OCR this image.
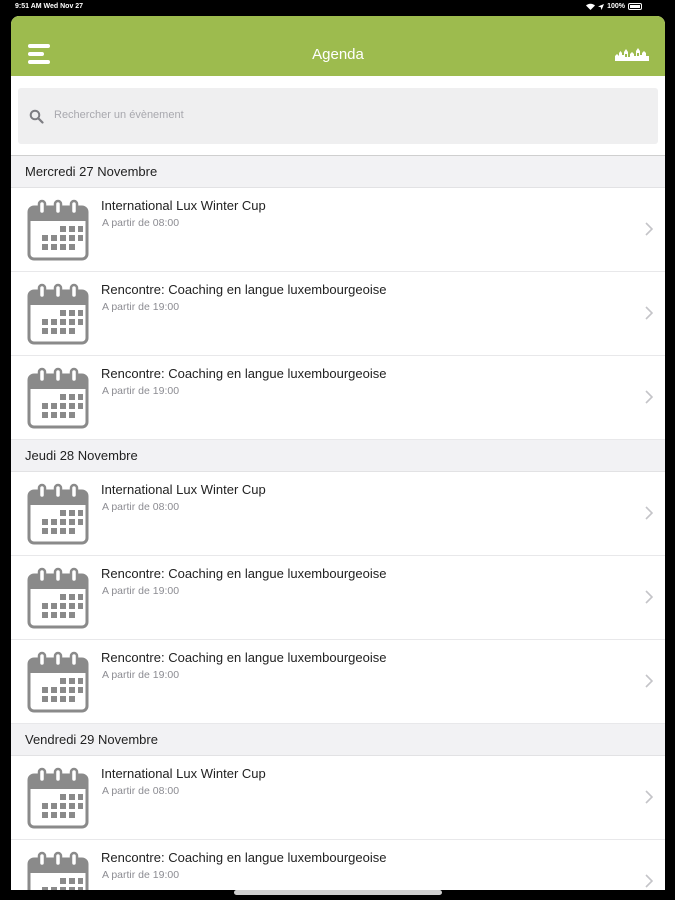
9:51 AM Wed Nov 27	100%
Agenda
Rechercher un évènement
Mercredi 27 Novembre
International Lux Winter Cup
A partir de 08:00
Rencontre: Coaching en langue luxembourgeoise
A partir de 19:00
Rencontre: Coaching en langue luxembourgeoise
A partir de 19:00
Jeudi 28 Novembre
International Lux Winter Cup
A partir de 08:00
Rencontre: Coaching en langue luxembourgeoise
A partir de 19:00
Rencontre: Coaching en langue luxembourgeoise
A partir de 19:00
Vendredi 29 Novembre
International Lux Winter Cup
A partir de 08:00
Rencontre: Coaching en langue luxembourgeoise
A partir de 19:00
